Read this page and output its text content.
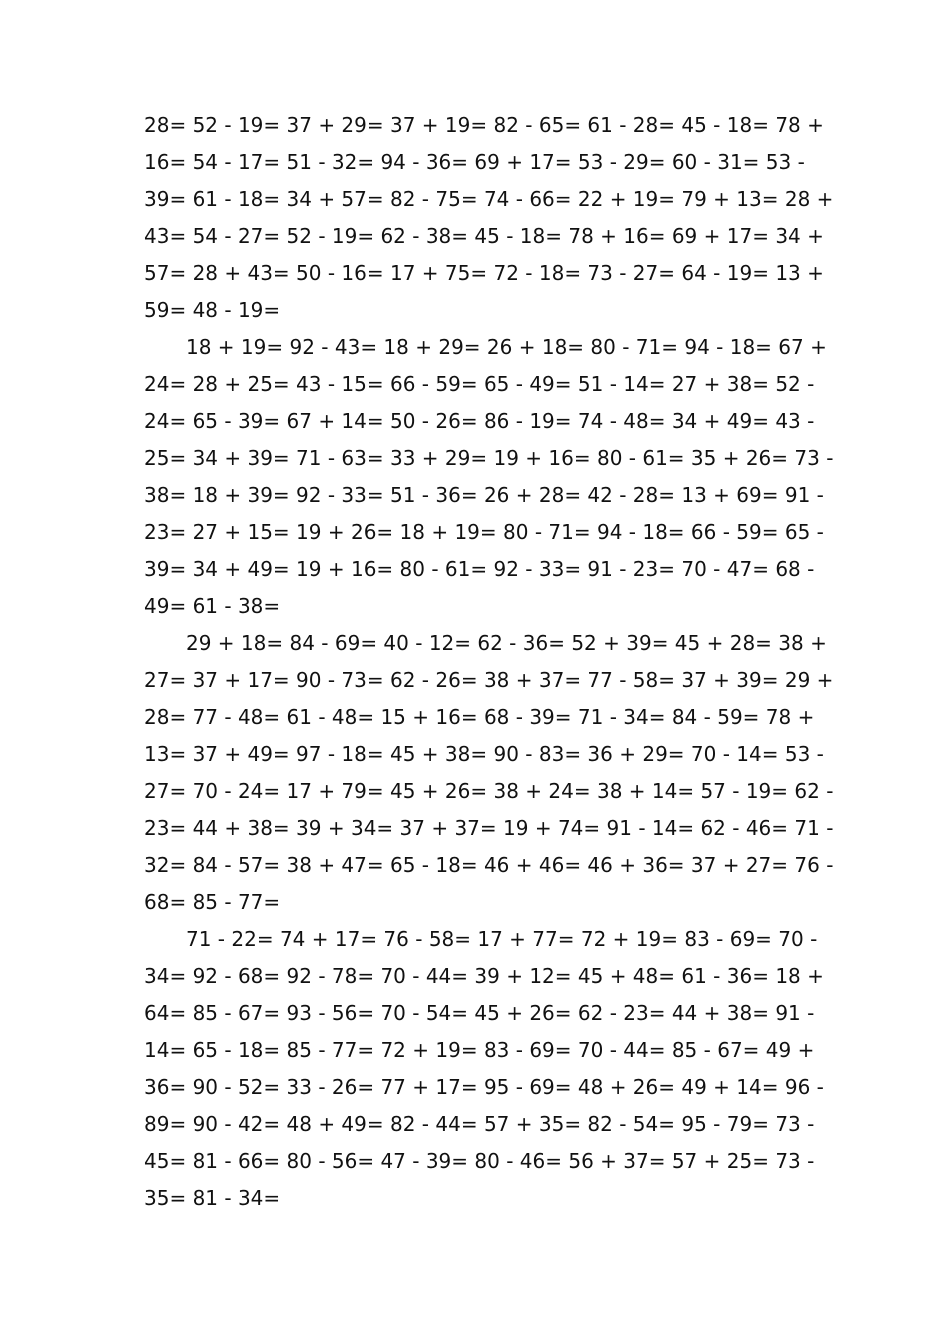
28= 52 - 19= 37 + 29= 37 + 19= 82 - 65= 61 - 28= 45 - 18= 78 +
16= 54 - 17= 51 - 32= 94 - 36= 69 + 17= 53 - 29= 60 - 31= 53 -
39= 61 - 18= 34 + 57= 82 - 75= 74 - 66= 22 + 19= 79 + 13= 28 +
43= 54 - 27= 52 - 19= 62 - 38= 45 - 18= 78 + 16= 69 + 17= 34 +
57= 28 + 43= 50 - 16= 17 + 75= 72 - 18= 73 - 27= 64 - 19= 13 +
59= 48 - 19=
18 + 19= 92 - 43= 18 + 29= 26 + 18= 80 - 71= 94 - 18= 67 +
24= 28 + 25= 43 - 15= 66 - 59= 65 - 49= 51 - 14= 27 + 38= 52 -
24= 65 - 39= 67 + 14= 50 - 26= 86 - 19= 74 - 48= 34 + 49= 43 -
25= 34 + 39= 71 - 63= 33 + 29= 19 + 16= 80 - 61= 35 + 26= 73 -
38= 18 + 39= 92 - 33= 51 - 36= 26 + 28= 42 - 28= 13 + 69= 91 -
23= 27 + 15= 19 + 26= 18 + 19= 80 - 71= 94 - 18= 66 - 59= 65 -
39= 34 + 49= 19 + 16= 80 - 61= 92 - 33= 91 - 23= 70 - 47= 68 -
49= 61 - 38=
29 + 18= 84 - 69= 40 - 12= 62 - 36= 52 + 39= 45 + 28= 38 +
27= 37 + 17= 90 - 73= 62 - 26= 38 + 37= 77 - 58= 37 + 39= 29 +
28= 77 - 48= 61 - 48= 15 + 16= 68 - 39= 71 - 34= 84 - 59= 78 +
13= 37 + 49= 97 - 18= 45 + 38= 90 - 83= 36 + 29= 70 - 14= 53 -
27= 70 - 24= 17 + 79= 45 + 26= 38 + 24= 38 + 14= 57 - 19= 62 -
23= 44 + 38= 39 + 34= 37 + 37= 19 + 74= 91 - 14= 62 - 46= 71 -
32= 84 - 57= 38 + 47= 65 - 18= 46 + 46= 46 + 36= 37 + 27= 76 -
68= 85 - 77=
71 - 22= 74 + 17= 76 - 58= 17 + 77= 72 + 19= 83 - 69= 70 -
34= 92 - 68= 92 - 78= 70 - 44= 39 + 12= 45 + 48= 61 - 36= 18 +
64= 85 - 67= 93 - 56= 70 - 54= 45 + 26= 62 - 23= 44 + 38= 91 -
14= 65 - 18= 85 - 77= 72 + 19= 83 - 69= 70 - 44= 85 - 67= 49 +
36= 90 - 52= 33 - 26= 77 + 17= 95 - 69= 48 + 26= 49 + 14= 96 -
89= 90 - 42= 48 + 49= 82 - 44= 57 + 35= 82 - 54= 95 - 79= 73 -
45= 81 - 66= 80 - 56= 47 - 39= 80 - 46= 56 + 37= 57 + 25= 73 -
35= 81 - 34=
